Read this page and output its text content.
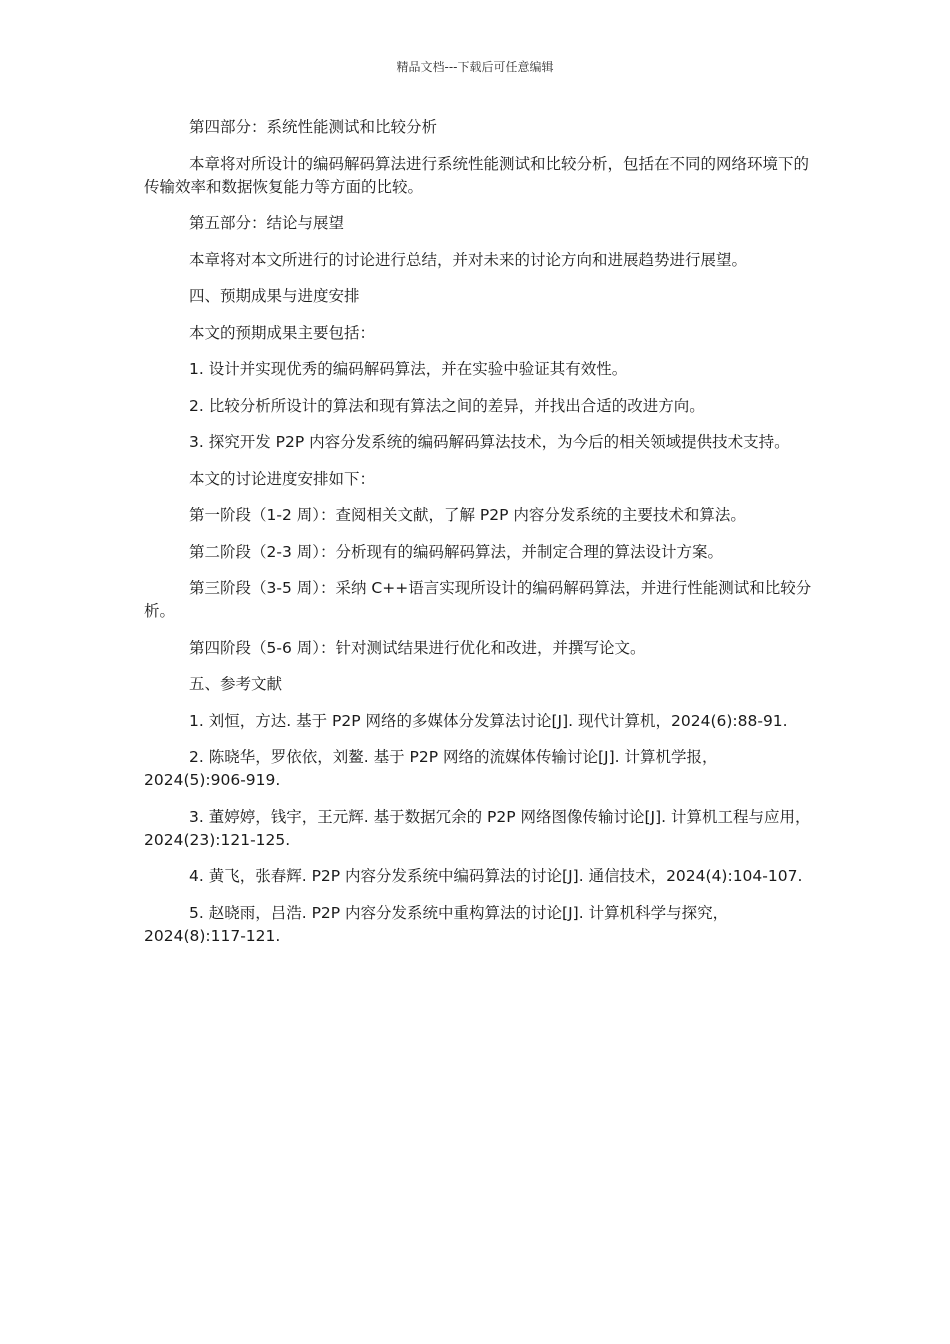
精品文档---下载后可任意编辑

第四部分：系统性能测试和比较分析

本章将对所设计的编码解码算法进行系统性能测试和比较分析，包括在不同的网络环境下的传输效率和数据恢复能力等方面的比较。

第五部分：结论与展望

本章将对本文所进行的讨论进行总结，并对未来的讨论方向和进展趋势进行展望。

四、预期成果与进度安排

本文的预期成果主要包括：

1. 设计并实现优秀的编码解码算法，并在实验中验证其有效性。

2. 比较分析所设计的算法和现有算法之间的差异，并找出合适的改进方向。

3. 探究开发 P2P 内容分发系统的编码解码算法技术，为今后的相关领域提供技术支持。

本文的讨论进度安排如下：

第一阶段（1-2 周）：查阅相关文献，了解 P2P 内容分发系统的主要技术和算法。

第二阶段（2-3 周）：分析现有的编码解码算法，并制定合理的算法设计方案。

第三阶段（3-5 周）：采纳 C++语言实现所设计的编码解码算法，并进行性能测试和比较分析。

第四阶段（5-6 周）：针对测试结果进行优化和改进，并撰写论文。

五、参考文献

1. 刘恒，方达. 基于 P2P 网络的多媒体分发算法讨论[J]. 现代计算机，2024(6):88-91.

2. 陈晓华，罗依依，刘鳌. 基于 P2P 网络的流媒体传输讨论[J]. 计算机学报，2024(5):906-919.

3. 董婷婷，钱宇，王元辉. 基于数据冗余的 P2P 网络图像传输讨论[J]. 计算机工程与应用，2024(23):121-125.

4. 黄飞，张春辉. P2P 内容分发系统中编码算法的讨论[J]. 通信技术，2024(4):104-107.

5. 赵晓雨，吕浩. P2P 内容分发系统中重构算法的讨论[J]. 计算机科学与探究，2024(8):117-121.
